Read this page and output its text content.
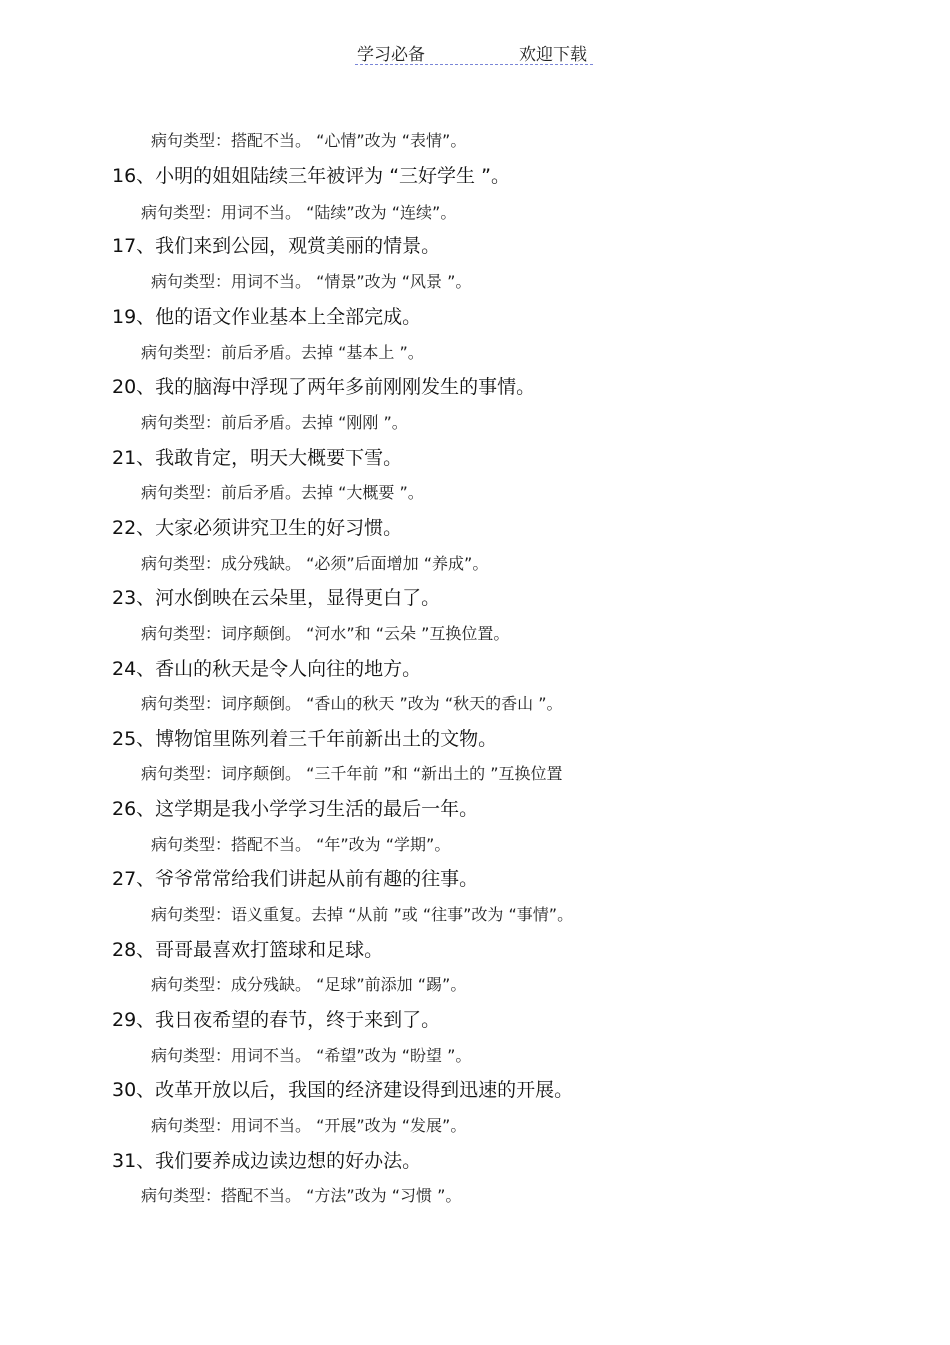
学习必备	欢迎下载
病句类型：搭配不当。 “心情”改为 “表情”。
16、小明的姐姐陆续三年被评为 “三好学生 ”。
病句类型：用词不当。 “陆续”改为 “连续”。
17、我们来到公园，观赏美丽的情景。
病句类型：用词不当。 “情景”改为 “风景 ”。
19、他的语文作业基本上全部完成。
病句类型：前后矛盾。去掉 “基本上 ”。
20、我的脑海中浮现了两年多前刚刚发生的事情。
病句类型：前后矛盾。去掉 “刚刚 ”。
21、我敢肯定，明天大概要下雪。
病句类型：前后矛盾。去掉 “大概要 ”。
22、大家必须讲究卫生的好习惯。
病句类型：成分残缺。 “必须”后面增加 “养成”。
23、河水倒映在云朵里，显得更白了。
病句类型：词序颠倒。 “河水”和 “云朵 ”互换位置。
24、香山的秋天是令人向往的地方。
病句类型：词序颠倒。 “香山的秋天 ”改为 “秋天的香山 ”。
25、博物馆里陈列着三千年前新出土的文物。
病句类型：词序颠倒。 “三千年前 ”和 “新出土的 ”互换位置
26、这学期是我小学学习生活的最后一年。
病句类型：搭配不当。 “年”改为 “学期”。
27、爷爷常常给我们讲起从前有趣的往事。
病句类型：语义重复。去掉 “从前 ”或 “往事”改为 “事情”。
28、哥哥最喜欢打篮球和足球。
病句类型：成分残缺。 “足球”前添加 “踢”。
29、我日夜希望的春节，终于来到了。
病句类型：用词不当。 “希望”改为 “盼望 ”。
30、改革开放以后，我国的经济建设得到迅速的开展。
病句类型：用词不当。 “开展”改为 “发展”。
31、我们要养成边读边想的好办法。
病句类型：搭配不当。 “方法”改为 “习惯 ”。
